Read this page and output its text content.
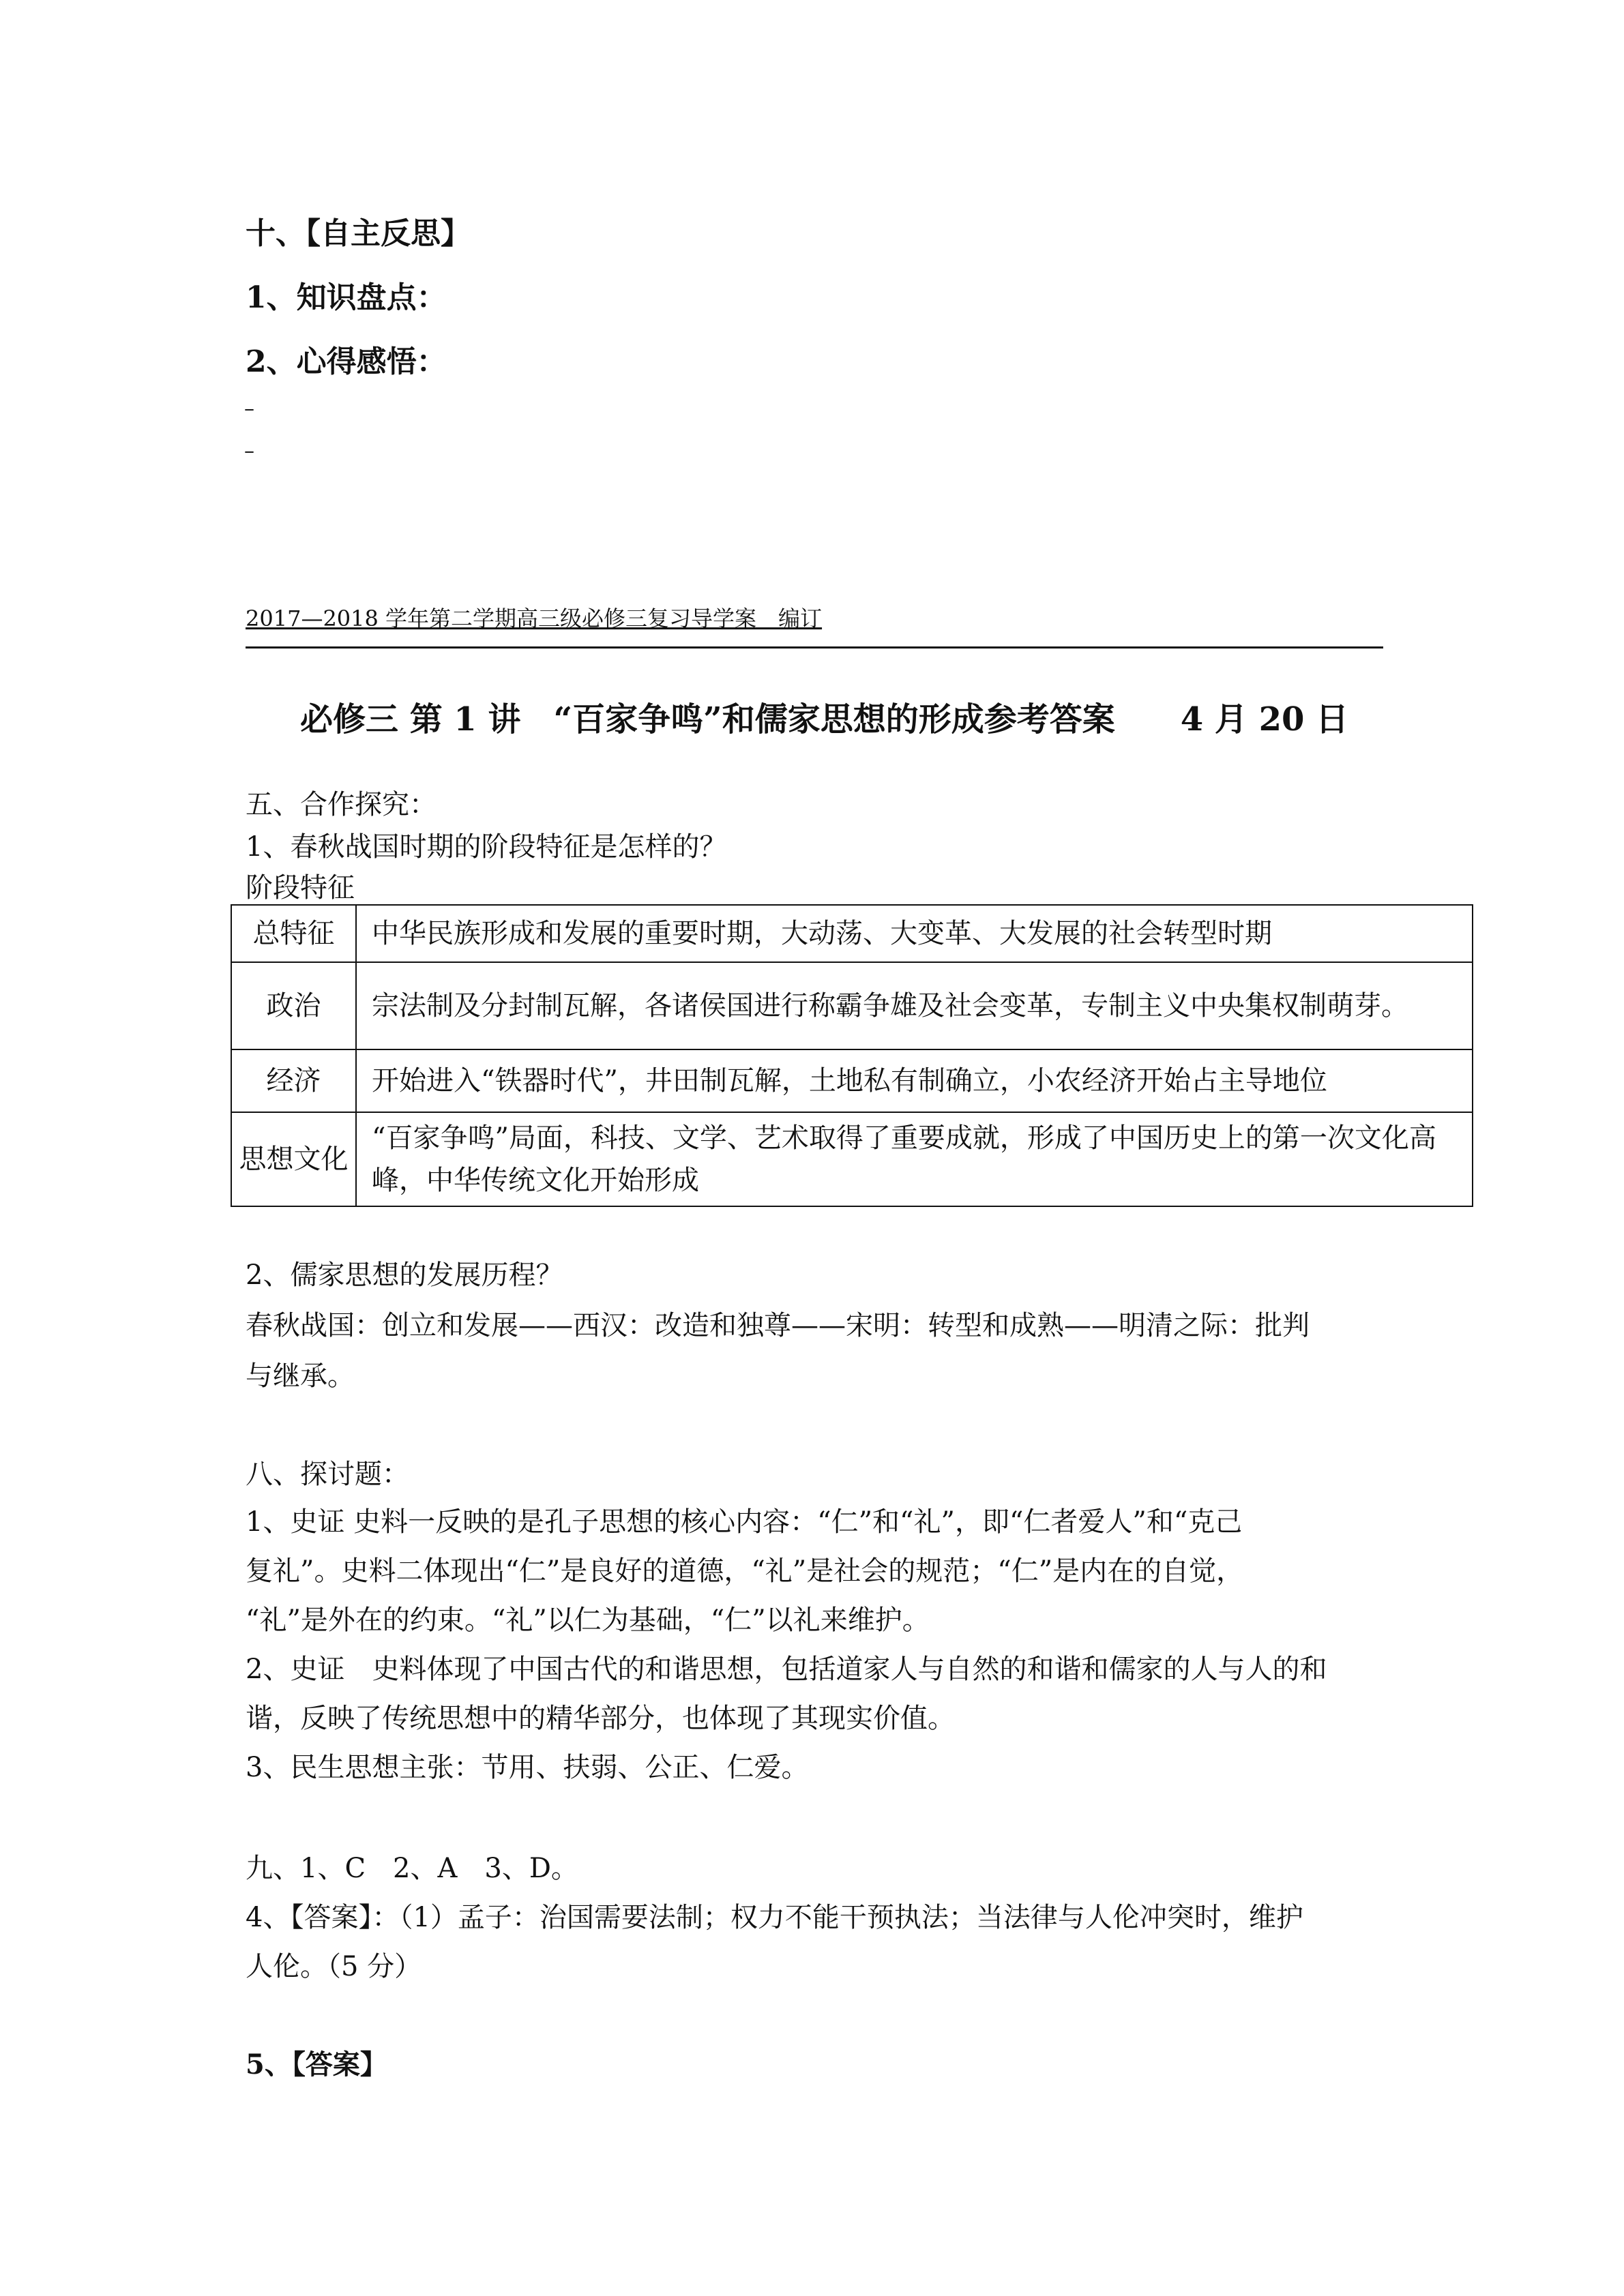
十、【自主反思】
1、知识盘点：
2、心得感悟：
–
–
2017—2018 学年第二学期高三级必修三复习导学案　编订
必修三 第 1 讲　“百家争鸣”和儒家思想的形成参考答案　　4 月 20 日
五、合作探究：
1、春秋战国时期的阶段特征是怎样的？
阶段特征
总特征	中华民族形成和发展的重要时期，大动荡、大变革、大发展的社会转型时期
政治	宗法制及分封制瓦解，各诸侯国进行称霸争雄及社会变革，专制主义中央集权制萌芽。
经济	开始进入“铁器时代”，井田制瓦解，土地私有制确立，小农经济开始占主导地位
思想文化	“百家争鸣”局面，科技、文学、艺术取得了重要成就，形成了中国历史上的第一次文化高峰，中华传统文化开始形成
2、儒家思想的发展历程？
春秋战国：创立和发展——西汉：改造和独尊——宋明：转型和成熟——明清之际：批判
与继承。
八、探讨题：
1、史证 史料一反映的是孔子思想的核心内容：“仁”和“礼”，即“仁者爱人”和“克己
复礼”。史料二体现出“仁”是良好的道德，“礼”是社会的规范；“仁”是内在的自觉，
“礼”是外在的约束。“礼”以仁为基础，“仁”以礼来维护。
2、史证　史料体现了中国古代的和谐思想，包括道家人与自然的和谐和儒家的人与人的和
谐，反映了传统思想中的精华部分，也体现了其现实价值。
3、民生思想主张：节用、扶弱、公正、仁爱。
九、1、C　2、A　3、D。
4、【答案】：（1）孟子：治国需要法制；权力不能干预执法；当法律与人伦冲突时，维护
人伦。（5 分）
5、【答案】
